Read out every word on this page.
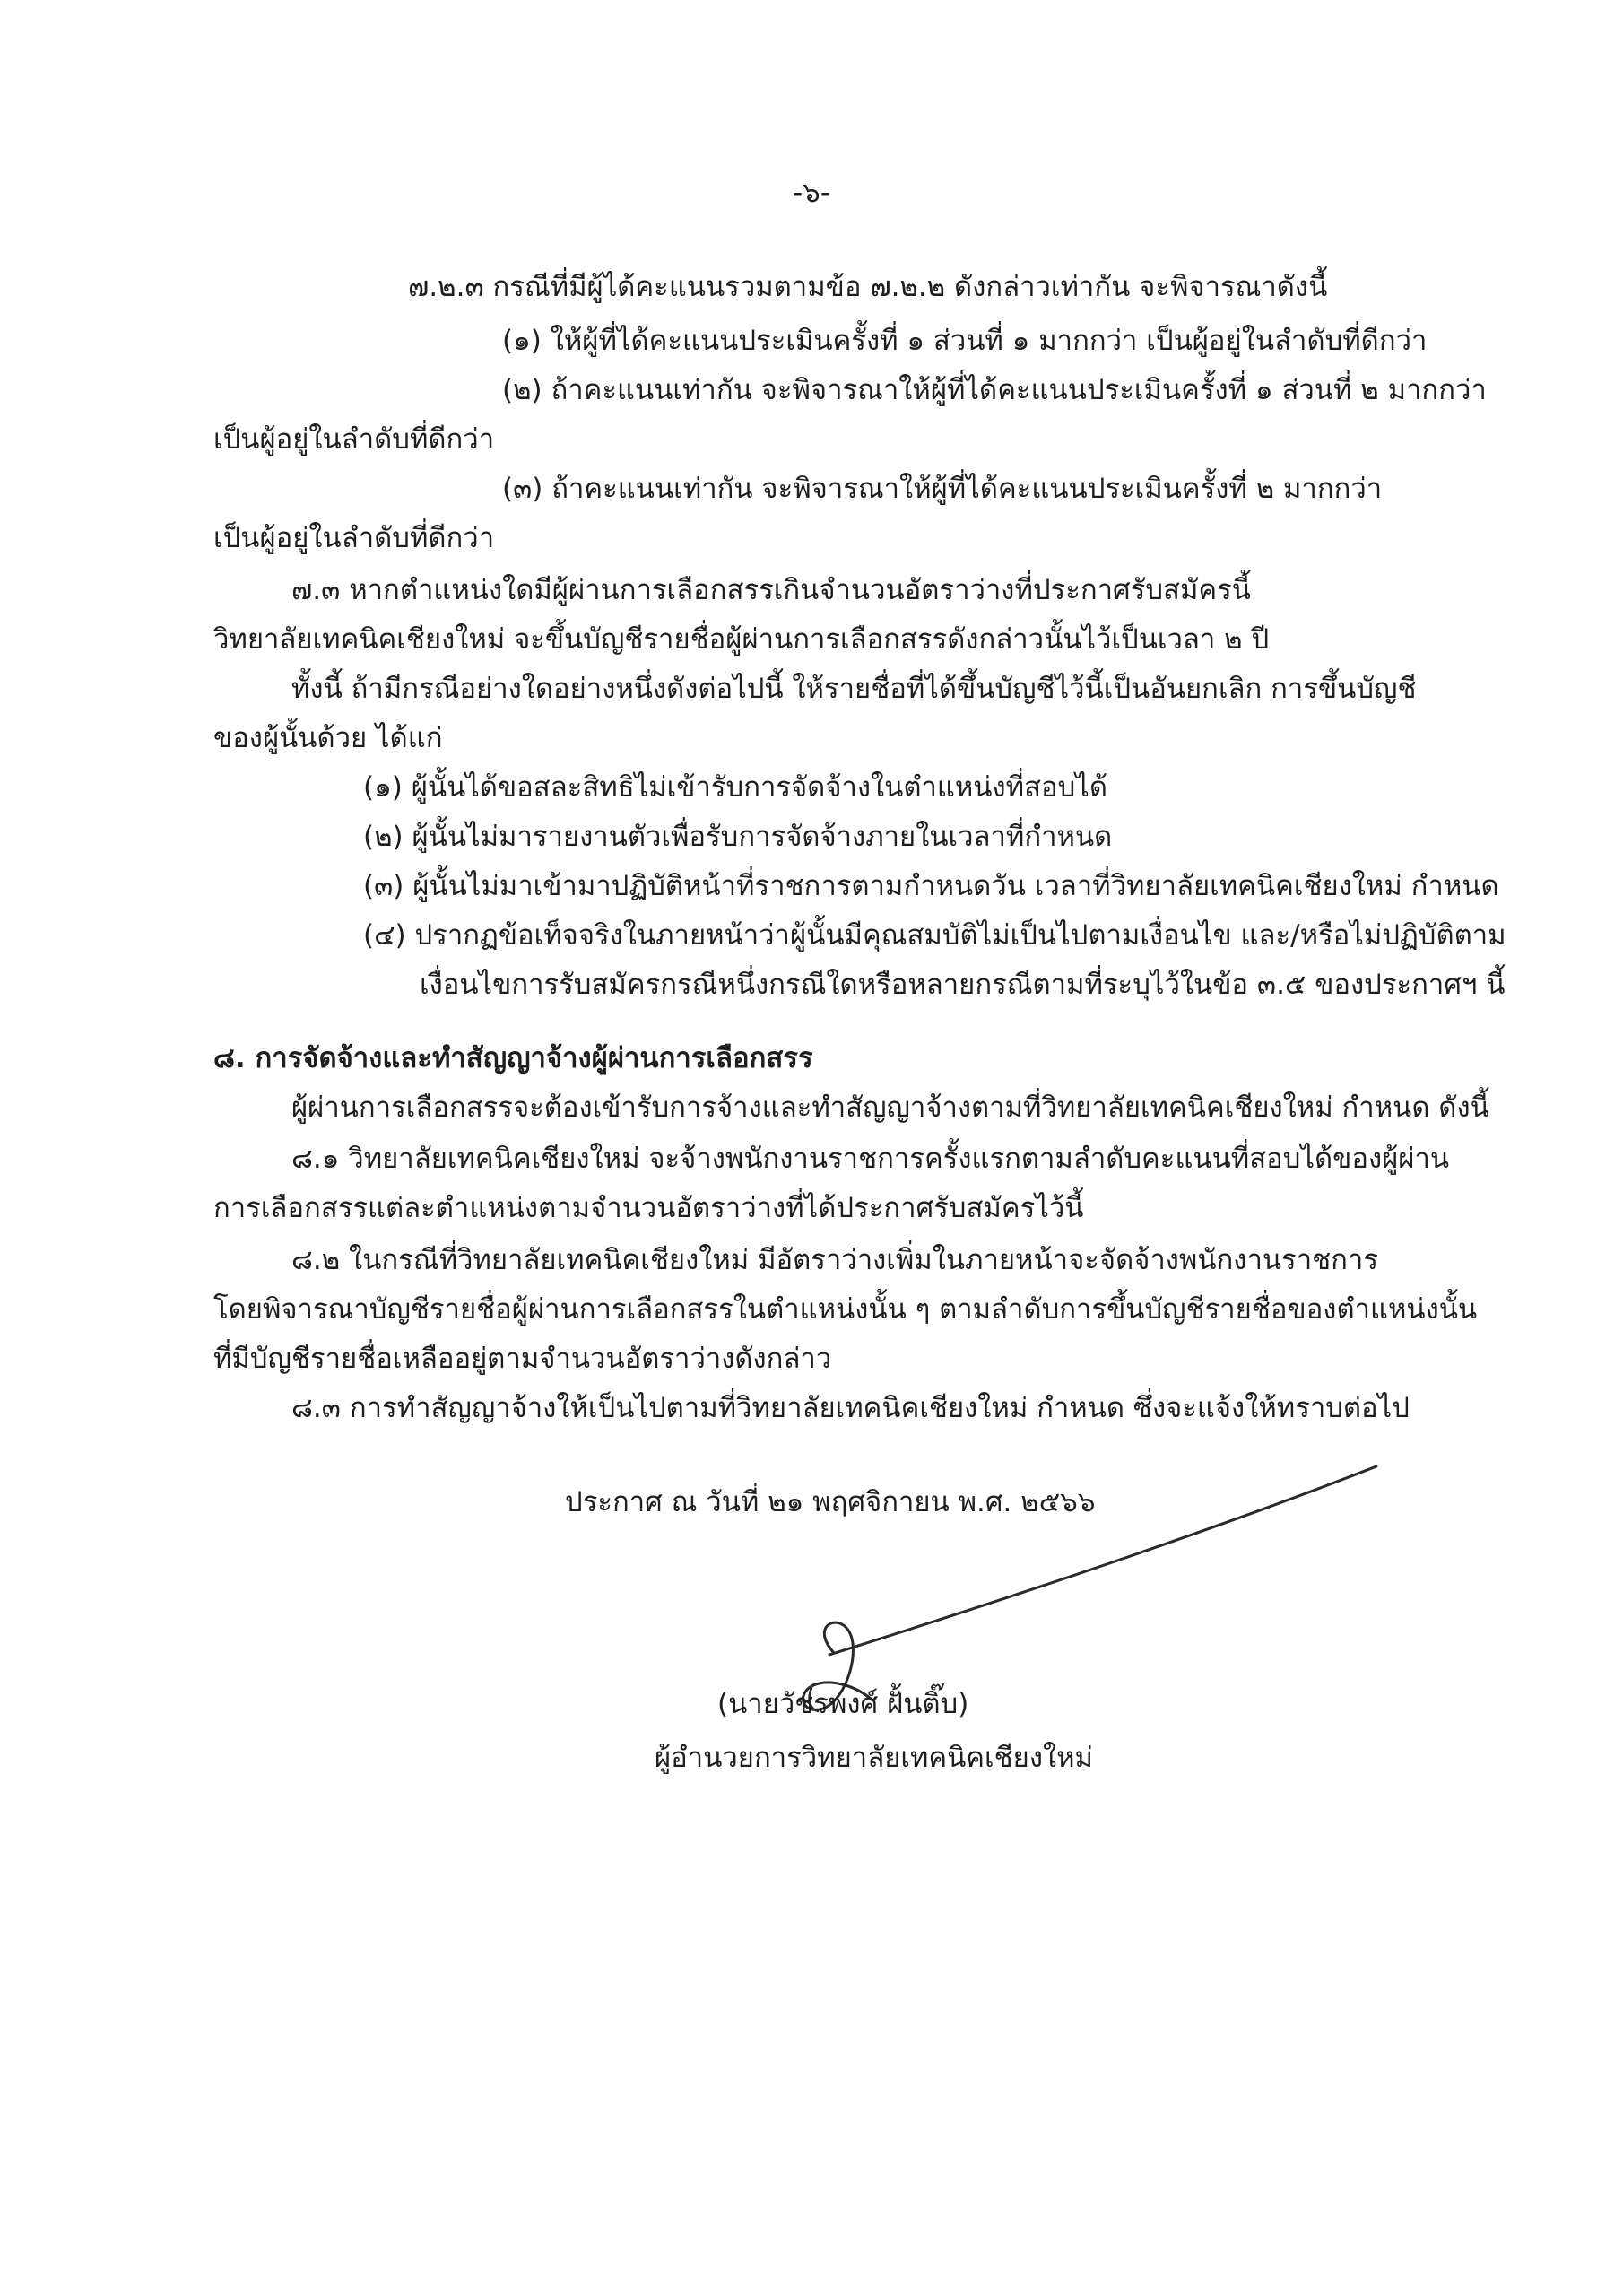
-๖-
๗.๒.๓ กรณีที่มีผู้ได้คะแนนรวมตามข้อ ๗.๒.๒ ดังกล่าวเท่ากัน จะพิจารณาดังนี้
(๑) ให้ผู้ที่ได้คะแนนประเมินครั้งที่ ๑ ส่วนที่ ๑ มากกว่า เป็นผู้อยู่ในลำดับที่ดีกว่า
(๒) ถ้าคะแนนเท่ากัน จะพิจารณาให้ผู้ที่ได้คะแนนประเมินครั้งที่ ๑ ส่วนที่ ๒ มากกว่า
เป็นผู้อยู่ในลำดับที่ดีกว่า
(๓) ถ้าคะแนนเท่ากัน จะพิจารณาให้ผู้ที่ได้คะแนนประเมินครั้งที่ ๒ มากกว่า
เป็นผู้อยู่ในลำดับที่ดีกว่า
๗.๓ หากตำแหน่งใดมีผู้ผ่านการเลือกสรรเกินจำนวนอัตราว่างที่ประกาศรับสมัครนี้
วิทยาลัยเทคนิคเชียงใหม่ จะขึ้นบัญชีรายชื่อผู้ผ่านการเลือกสรรดังกล่าวนั้นไว้เป็นเวลา ๒ ปี
ทั้งนี้ ถ้ามีกรณีอย่างใดอย่างหนึ่งดังต่อไปนี้ ให้รายชื่อที่ได้ขึ้นบัญชีไว้นี้เป็นอันยกเลิก การขึ้นบัญชี
ของผู้นั้นด้วย ได้แก่
(๑) ผู้นั้นได้ขอสละสิทธิไม่เข้ารับการจัดจ้างในตำแหน่งที่สอบได้
(๒) ผู้นั้นไม่มารายงานตัวเพื่อรับการจัดจ้างภายในเวลาที่กำหนด
(๓) ผู้นั้นไม่มาเข้ามาปฏิบัติหน้าที่ราชการตามกำหนดวัน เวลาที่วิทยาลัยเทคนิคเชียงใหม่ กำหนด
(๔) ปรากฏข้อเท็จจริงในภายหน้าว่าผู้นั้นมีคุณสมบัติไม่เป็นไปตามเงื่อนไข และ/หรือไม่ปฏิบัติตาม
เงื่อนไขการรับสมัครกรณีหนึ่งกรณีใดหรือหลายกรณีตามที่ระบุไว้ในข้อ ๓.๕ ของประกาศฯ นี้
๘. การจัดจ้างและทำสัญญาจ้างผู้ผ่านการเลือกสรร
ผู้ผ่านการเลือกสรรจะต้องเข้ารับการจ้างและทำสัญญาจ้างตามที่วิทยาลัยเทคนิคเชียงใหม่ กำหนด ดังนี้
๘.๑ วิทยาลัยเทคนิคเชียงใหม่ จะจ้างพนักงานราชการครั้งแรกตามลำดับคะแนนที่สอบได้ของผู้ผ่าน
การเลือกสรรแต่ละตำแหน่งตามจำนวนอัตราว่างที่ได้ประกาศรับสมัครไว้นี้
๘.๒ ในกรณีที่วิทยาลัยเทคนิคเชียงใหม่ มีอัตราว่างเพิ่มในภายหน้าจะจัดจ้างพนักงานราชการ
โดยพิจารณาบัญชีรายชื่อผู้ผ่านการเลือกสรรในตำแหน่งนั้น ๆ ตามลำดับการขึ้นบัญชีรายชื่อของตำแหน่งนั้น
ที่มีบัญชีรายชื่อเหลืออยู่ตามจำนวนอัตราว่างดังกล่าว
๘.๓ การทำสัญญาจ้างให้เป็นไปตามที่วิทยาลัยเทคนิคเชียงใหม่ กำหนด ซึ่งจะแจ้งให้ทราบต่อไป
ประกาศ ณ วันที่ ๒๑ พฤศจิกายน พ.ศ. ๒๕๖๖
(นายวัชรพงศ์ ฝั้นติ๊บ)
ผู้อำนวยการวิทยาลัยเทคนิคเชียงใหม่
